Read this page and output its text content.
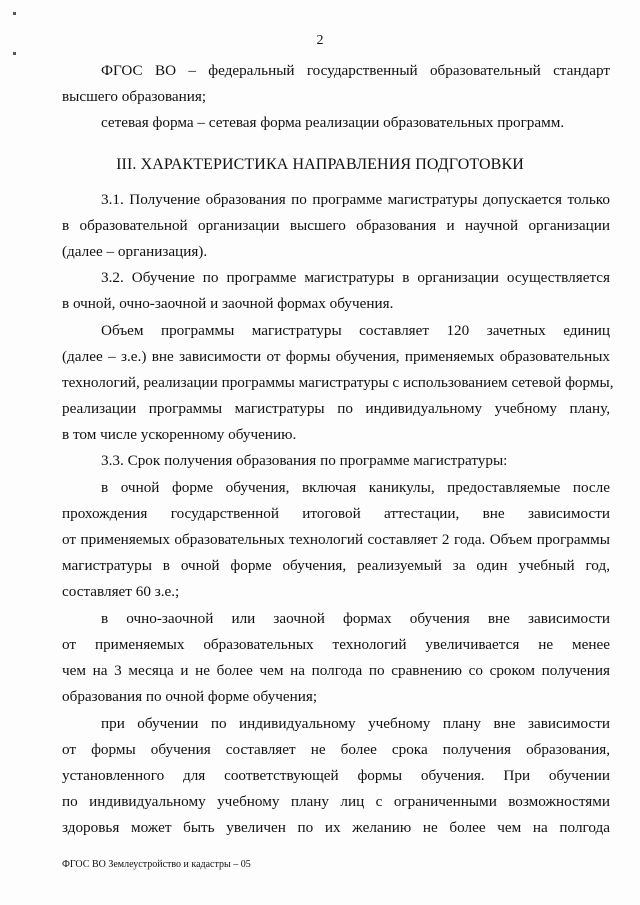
2
ФГОС ВО – федеральный государственный образовательный стандарт
высшего образования;
сетевая форма – сетевая форма реализации образовательных программ.
III. ХАРАКТЕРИСТИКА НАПРАВЛЕНИЯ ПОДГОТОВКИ
3.1. Получение образования по программе магистратуры допускается только
в образовательной организации высшего образования и научной организации
(далее – организация).
3.2. Обучение по программе магистратуры в организации осуществляется
в очной, очно-заочной и заочной формах обучения.
Объем программы магистратуры составляет 120 зачетных единиц
(далее – з.е.) вне зависимости от формы обучения, применяемых образовательных
технологий, реализации программы магистратуры с использованием сетевой формы,
реализации программы магистратуры по индивидуальному учебному плану,
в том числе ускоренному обучению.
3.3. Срок получения образования по программе магистратуры:
в очной форме обучения, включая каникулы, предоставляемые после
прохождения государственной итоговой аттестации, вне зависимости
от применяемых образовательных технологий составляет 2 года. Объем программы
магистратуры в очной форме обучения, реализуемый за один учебный год,
составляет 60 з.е.;
в очно-заочной или заочной формах обучения вне зависимости
от применяемых образовательных технологий увеличивается не менее
чем на 3 месяца и не более чем на полгода по сравнению со сроком получения
образования по очной форме обучения;
при обучении по индивидуальному учебному плану вне зависимости
от формы обучения составляет не более срока получения образования,
установленного для соответствующей формы обучения. При обучении
по индивидуальному учебному плану лиц с ограниченными возможностями
здоровья может быть увеличен по их желанию не более чем на полгода
ФГОС ВО Землеустройство и кадастры – 05
